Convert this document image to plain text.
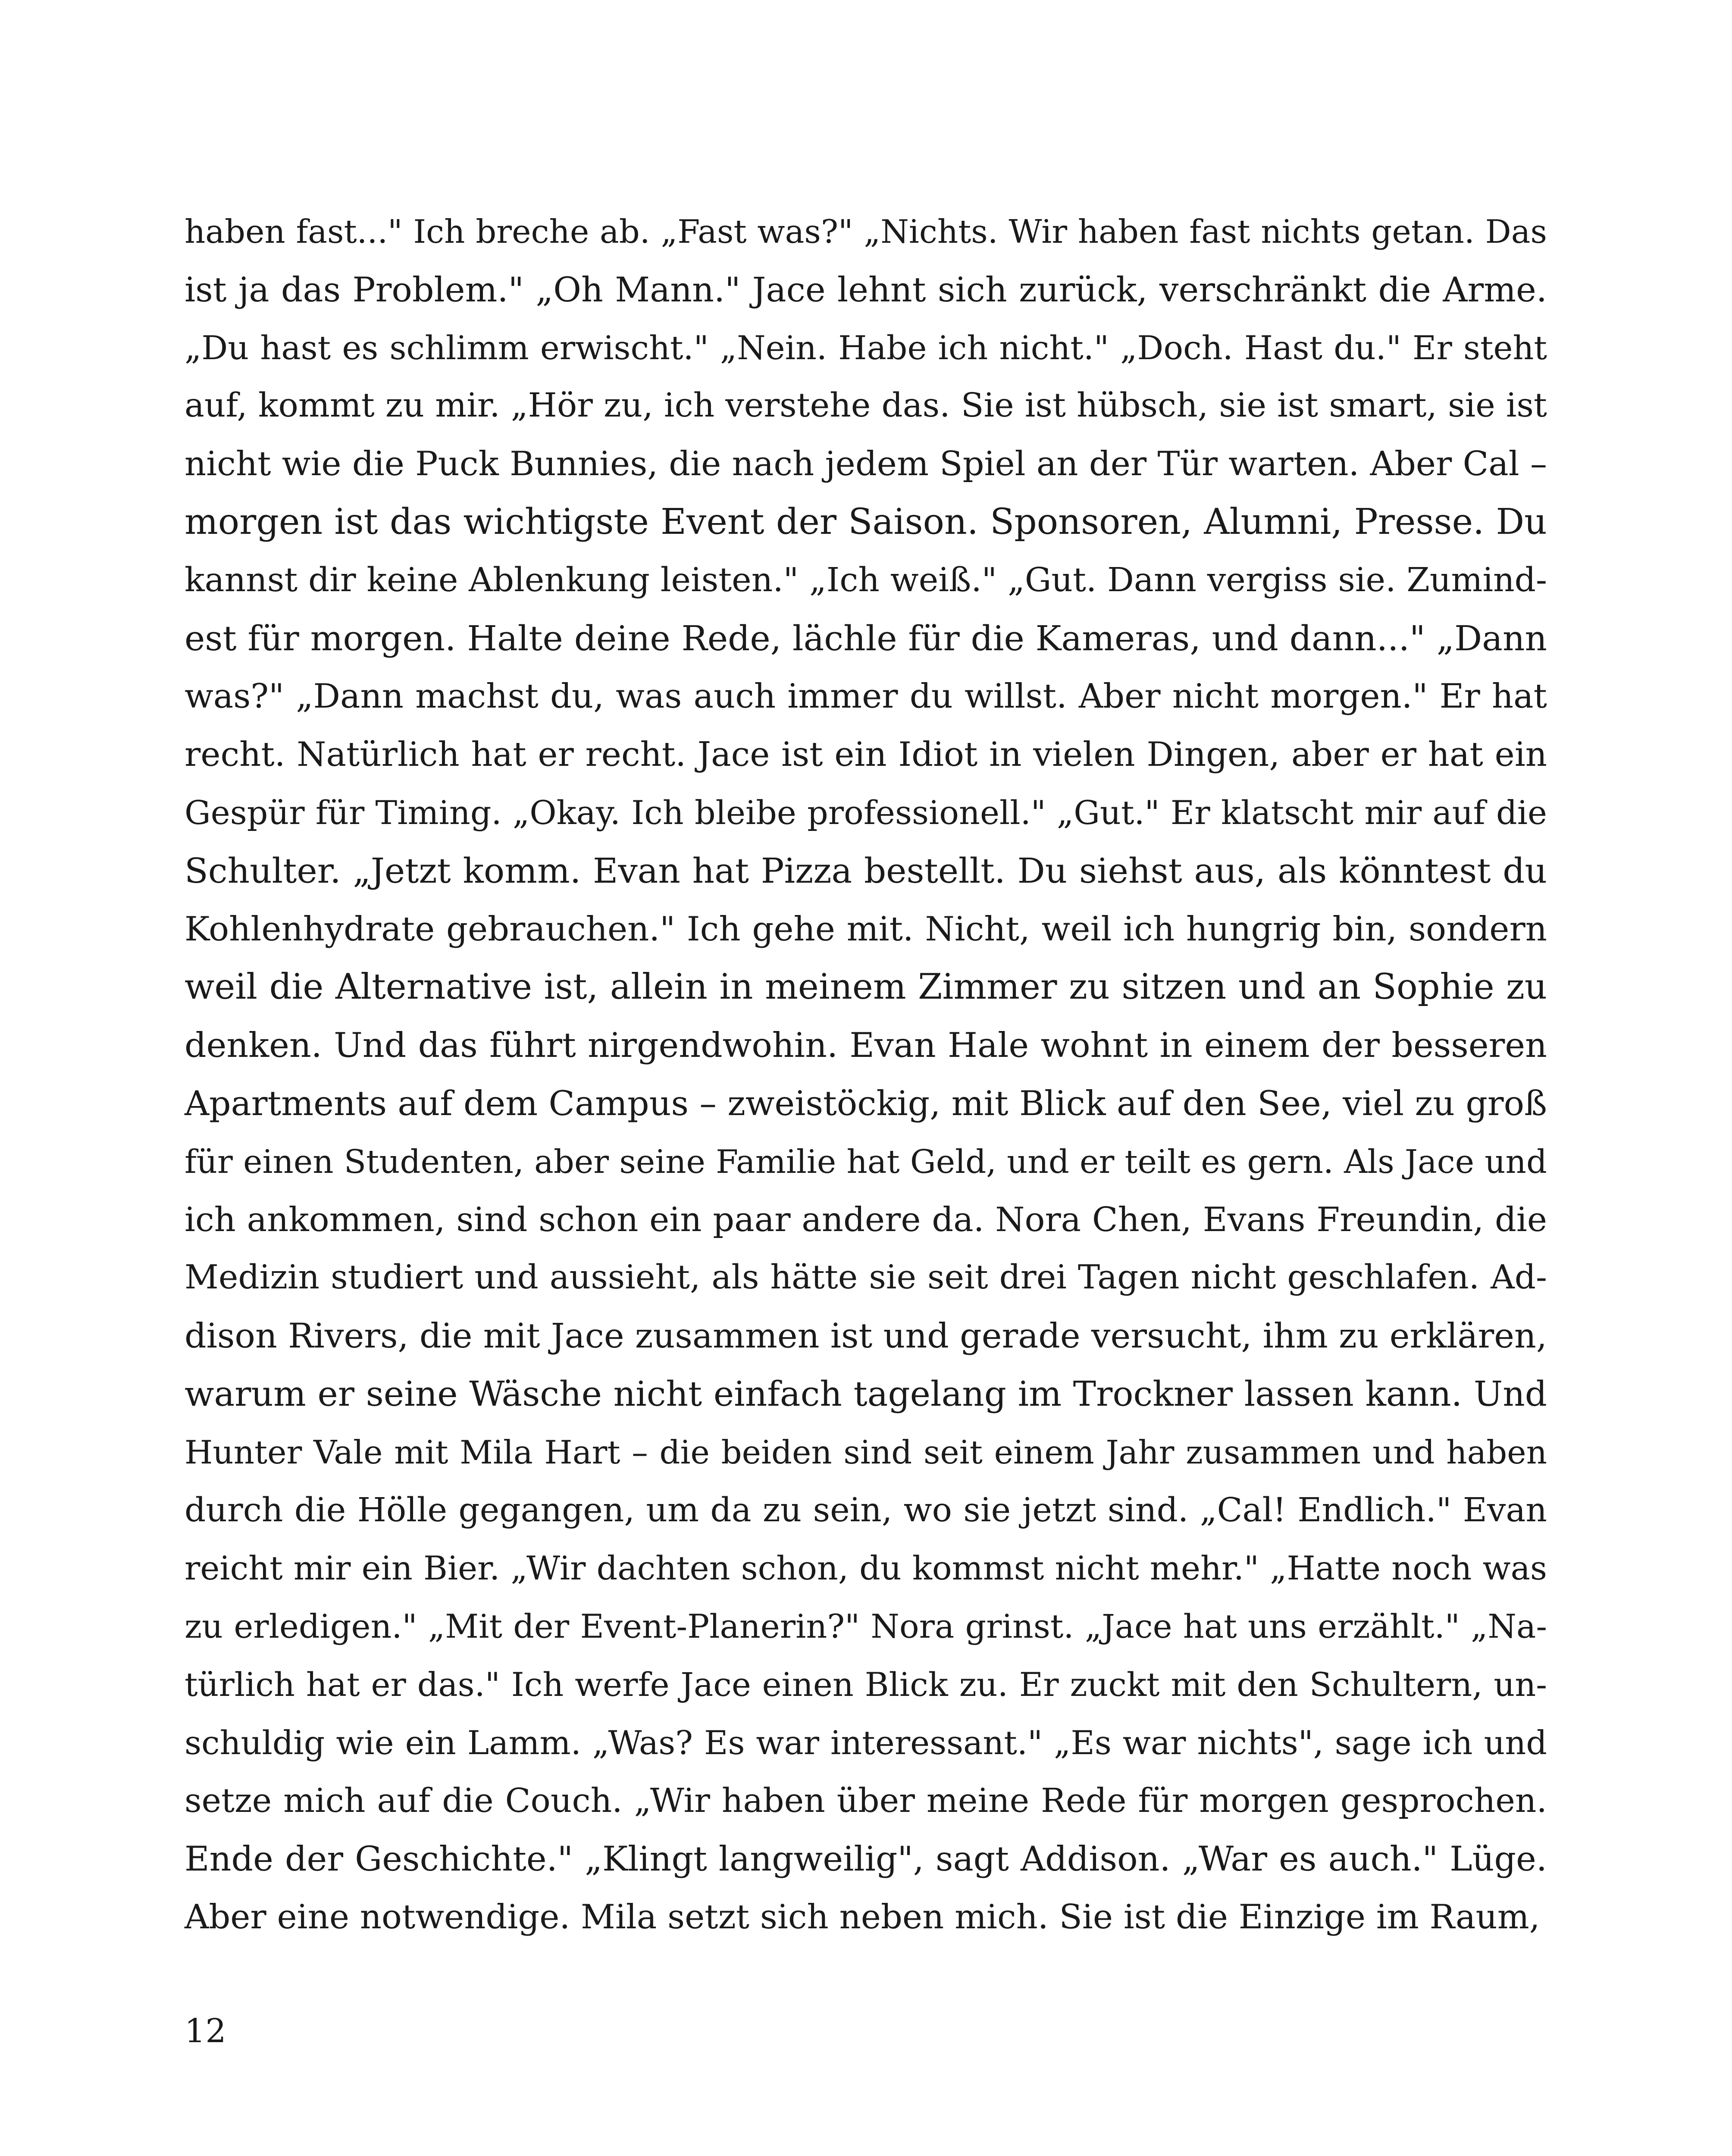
haben fast..." Ich breche ab. „Fast was?" „Nichts. Wir haben fast nichts getan. Das
ist ja das Problem." „Oh Mann." Jace lehnt sich zurück, verschränkt die Arme.
„Du hast es schlimm erwischt." „Nein. Habe ich nicht." „Doch. Hast du." Er steht
auf, kommt zu mir. „Hör zu, ich verstehe das. Sie ist hübsch, sie ist smart, sie ist
nicht wie die Puck Bunnies, die nach jedem Spiel an der Tür warten. Aber Cal –
morgen ist das wichtigste Event der Saison. Sponsoren, Alumni, Presse. Du
kannst dir keine Ablenkung leisten." „Ich weiß." „Gut. Dann vergiss sie. Zumind-
est für morgen. Halte deine Rede, lächle für die Kameras, und dann..." „Dann
was?" „Dann machst du, was auch immer du willst. Aber nicht morgen." Er hat
recht. Natürlich hat er recht. Jace ist ein Idiot in vielen Dingen, aber er hat ein
Gespür für Timing. „Okay. Ich bleibe professionell." „Gut." Er klatscht mir auf die
Schulter. „Jetzt komm. Evan hat Pizza bestellt. Du siehst aus, als könntest du
Kohlenhydrate gebrauchen." Ich gehe mit. Nicht, weil ich hungrig bin, sondern
weil die Alternative ist, allein in meinem Zimmer zu sitzen und an Sophie zu
denken. Und das führt nirgendwohin. Evan Hale wohnt in einem der besseren
Apartments auf dem Campus – zweistöckig, mit Blick auf den See, viel zu groß
für einen Studenten, aber seine Familie hat Geld, und er teilt es gern. Als Jace und
ich ankommen, sind schon ein paar andere da. Nora Chen, Evans Freundin, die
Medizin studiert und aussieht, als hätte sie seit drei Tagen nicht geschlafen. Ad-
dison Rivers, die mit Jace zusammen ist und gerade versucht, ihm zu erklären,
warum er seine Wäsche nicht einfach tagelang im Trockner lassen kann. Und
Hunter Vale mit Mila Hart – die beiden sind seit einem Jahr zusammen und haben
durch die Hölle gegangen, um da zu sein, wo sie jetzt sind. „Cal! Endlich." Evan
reicht mir ein Bier. „Wir dachten schon, du kommst nicht mehr." „Hatte noch was
zu erledigen." „Mit der Event-Planerin?" Nora grinst. „Jace hat uns erzählt." „Na-
türlich hat er das." Ich werfe Jace einen Blick zu. Er zuckt mit den Schultern, un-
schuldig wie ein Lamm. „Was? Es war interessant." „Es war nichts", sage ich und
setze mich auf die Couch. „Wir haben über meine Rede für morgen gesprochen.
Ende der Geschichte." „Klingt langweilig", sagt Addison. „War es auch." Lüge.
Aber eine notwendige. Mila setzt sich neben mich. Sie ist die Einzige im Raum,
12
